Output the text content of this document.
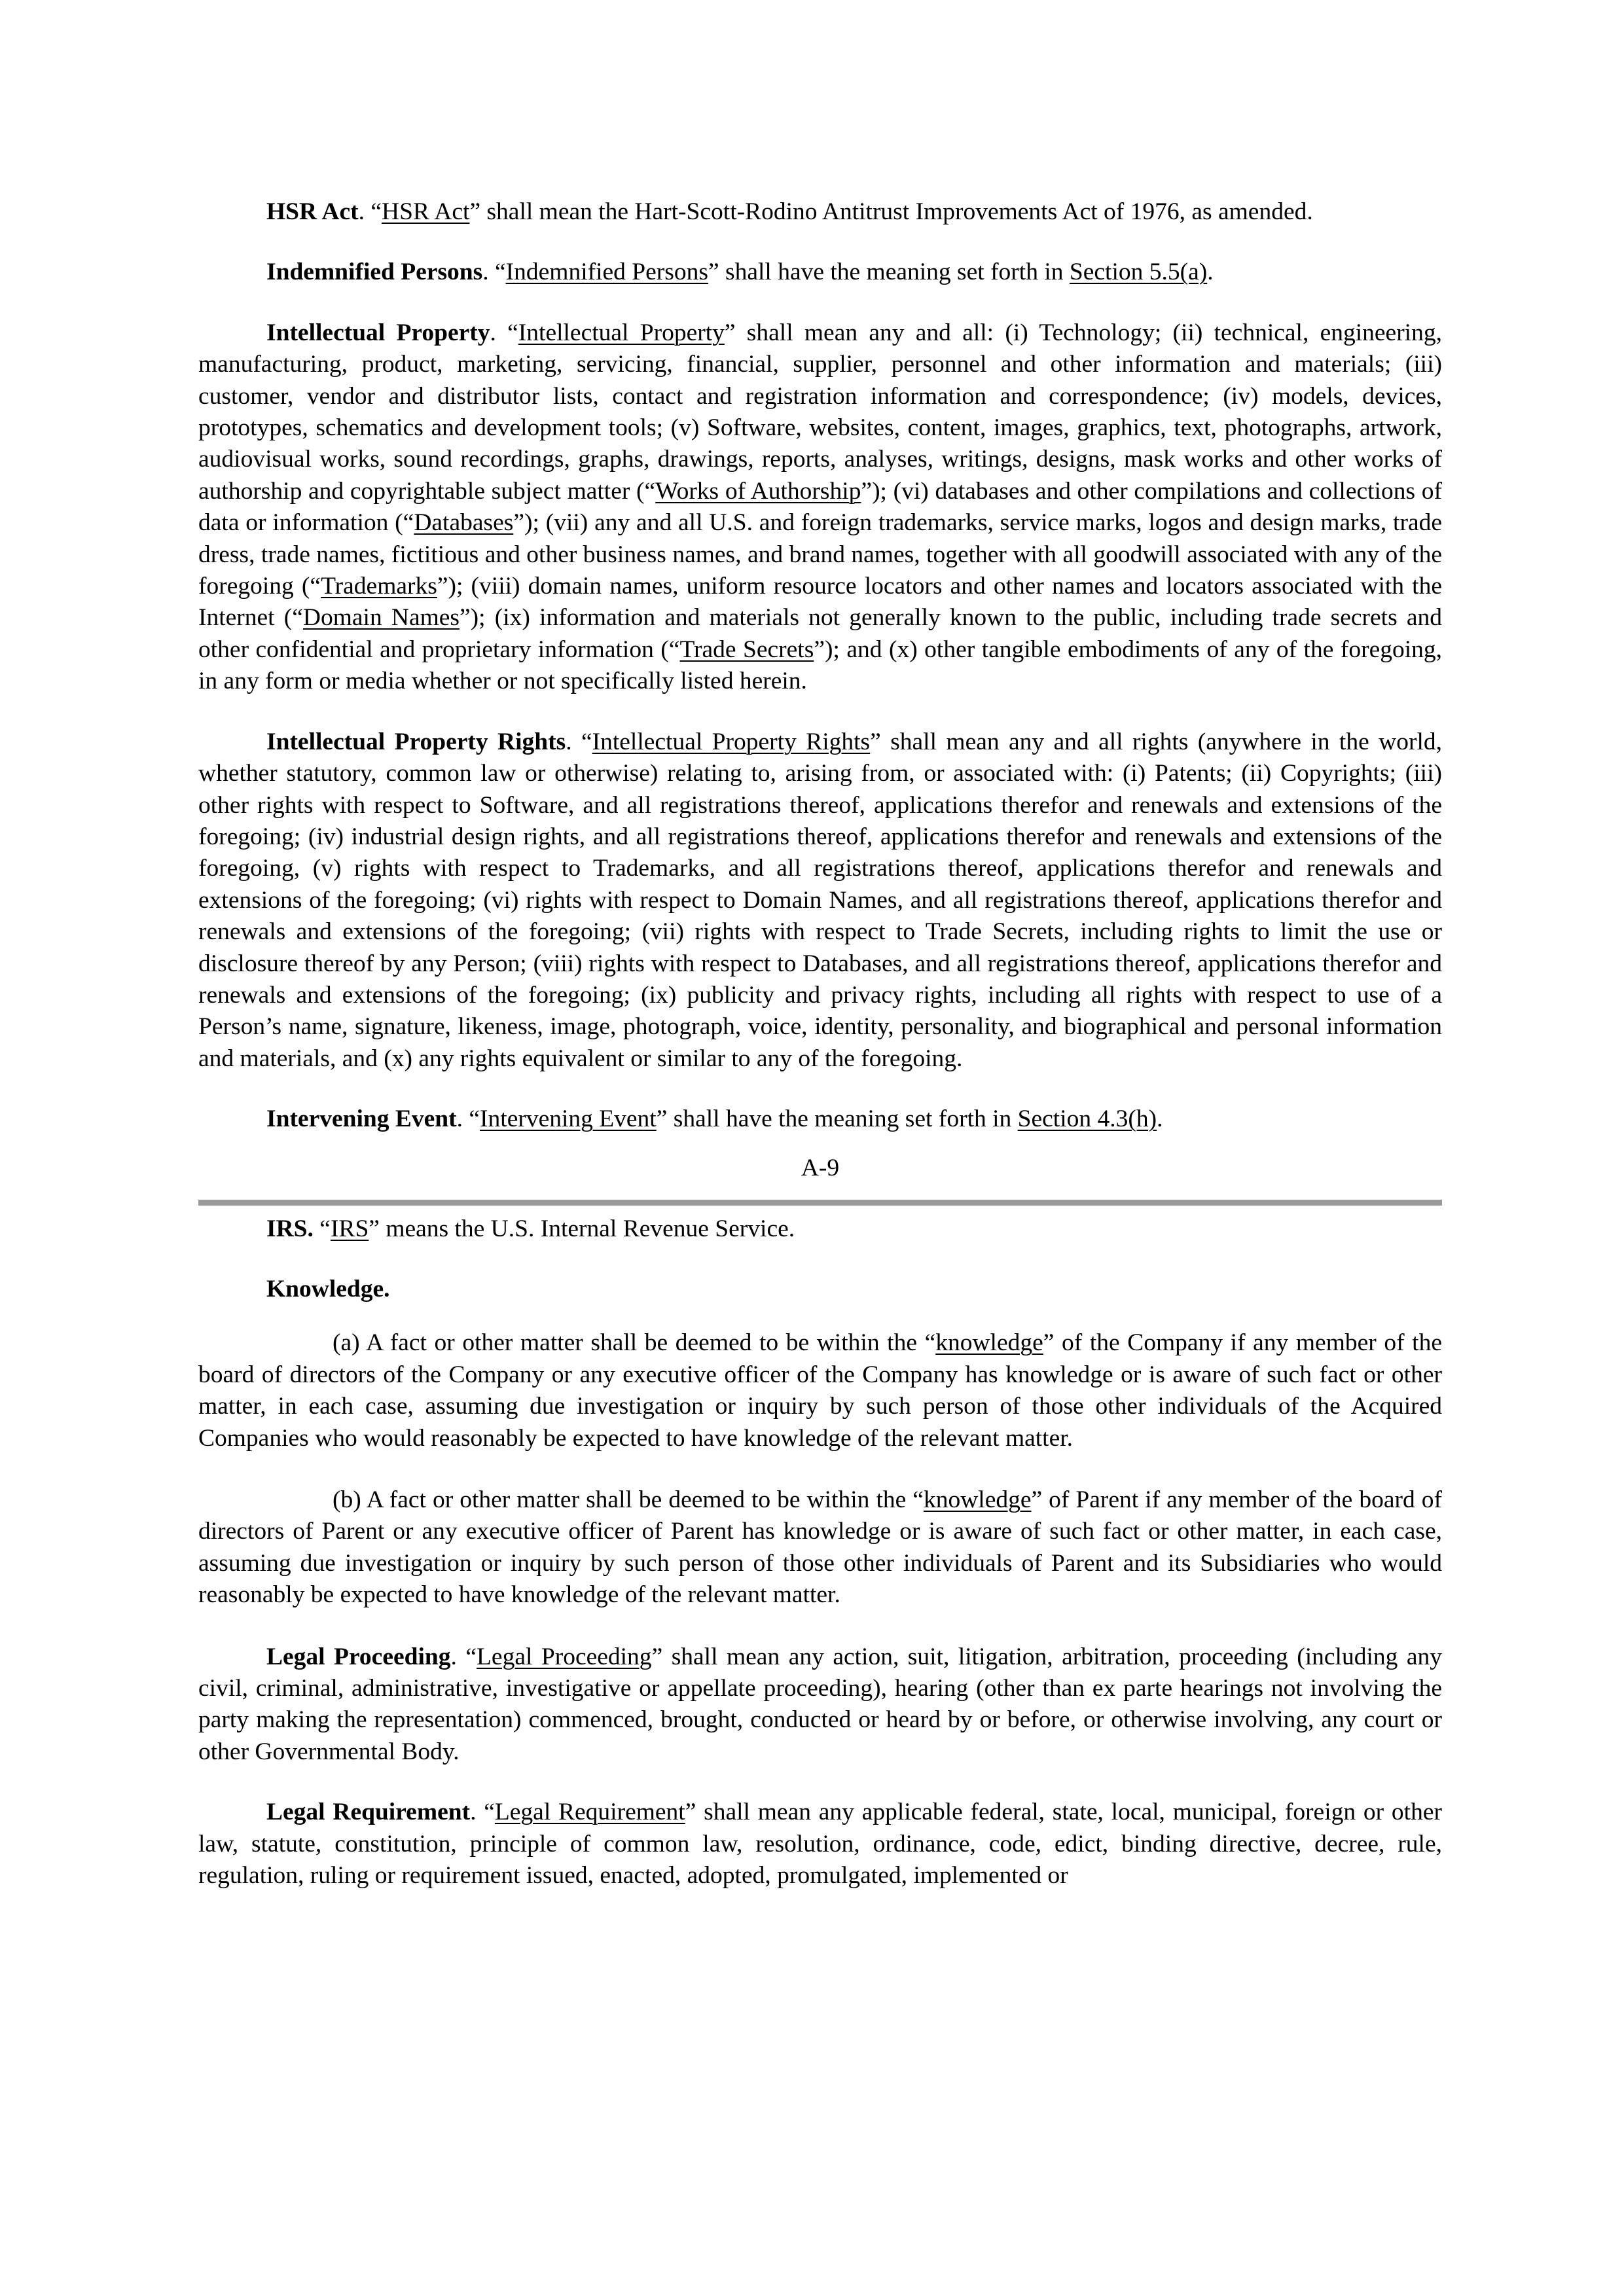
HSR Act. “HSR Act” shall mean the Hart-Scott-Rodino Antitrust Improvements Act of 1976, as amended.

Indemnified Persons. “Indemnified Persons” shall have the meaning set forth in Section 5.5(a).

Intellectual Property. “Intellectual Property” shall mean any and all: (i) Technology; (ii) technical, engineering, manufacturing, product, marketing, servicing, financial, supplier, personnel and other information and materials; (iii) customer, vendor and distributor lists, contact and registration information and correspondence; (iv) models, devices, prototypes, schematics and development tools; (v) Software, websites, content, images, graphics, text, photographs, artwork, audiovisual works, sound recordings, graphs, drawings, reports, analyses, writings, designs, mask works and other works of authorship and copyrightable subject matter (“Works of Authorship”); (vi) databases and other compilations and collections of data or information (“Databases”); (vii) any and all U.S. and foreign trademarks, service marks, logos and design marks, trade dress, trade names, fictitious and other business names, and brand names, together with all goodwill associated with any of the foregoing (“Trademarks”); (viii) domain names, uniform resource locators and other names and locators associated with the Internet (“Domain Names”); (ix) information and materials not generally known to the public, including trade secrets and other confidential and proprietary information (“Trade Secrets”); and (x) other tangible embodiments of any of the foregoing, in any form or media whether or not specifically listed herein.

Intellectual Property Rights. “Intellectual Property Rights” shall mean any and all rights (anywhere in the world, whether statutory, common law or otherwise) relating to, arising from, or associated with: (i) Patents; (ii) Copyrights; (iii) other rights with respect to Software, and all registrations thereof, applications therefor and renewals and extensions of the foregoing; (iv) industrial design rights, and all registrations thereof, applications therefor and renewals and extensions of the foregoing, (v) rights with respect to Trademarks, and all registrations thereof, applications therefor and renewals and extensions of the foregoing; (vi) rights with respect to Domain Names, and all registrations thereof, applications therefor and renewals and extensions of the foregoing; (vii) rights with respect to Trade Secrets, including rights to limit the use or disclosure thereof by any Person; (viii) rights with respect to Databases, and all registrations thereof, applications therefor and renewals and extensions of the foregoing; (ix) publicity and privacy rights, including all rights with respect to use of a Person’s name, signature, likeness, image, photograph, voice, identity, personality, and biographical and personal information and materials, and (x) any rights equivalent or similar to any of the foregoing.

Intervening Event. “Intervening Event” shall have the meaning set forth in Section 4.3(h).

A-9

IRS. “IRS” means the U.S. Internal Revenue Service.

Knowledge.

(a) A fact or other matter shall be deemed to be within the “knowledge” of the Company if any member of the board of directors of the Company or any executive officer of the Company has knowledge or is aware of such fact or other matter, in each case, assuming due investigation or inquiry by such person of those other individuals of the Acquired Companies who would reasonably be expected to have knowledge of the relevant matter.

(b) A fact or other matter shall be deemed to be within the “knowledge” of Parent if any member of the board of directors of Parent or any executive officer of Parent has knowledge or is aware of such fact or other matter, in each case, assuming due investigation or inquiry by such person of those other individuals of Parent and its Subsidiaries who would reasonably be expected to have knowledge of the relevant matter.

Legal Proceeding. “Legal Proceeding” shall mean any action, suit, litigation, arbitration, proceeding (including any civil, criminal, administrative, investigative or appellate proceeding), hearing (other than ex parte hearings not involving the party making the representation) commenced, brought, conducted or heard by or before, or otherwise involving, any court or other Governmental Body.

Legal Requirement. “Legal Requirement” shall mean any applicable federal, state, local, municipal, foreign or other law, statute, constitution, principle of common law, resolution, ordinance, code, edict, binding directive, decree, rule, regulation, ruling or requirement issued, enacted, adopted, promulgated, implemented or
